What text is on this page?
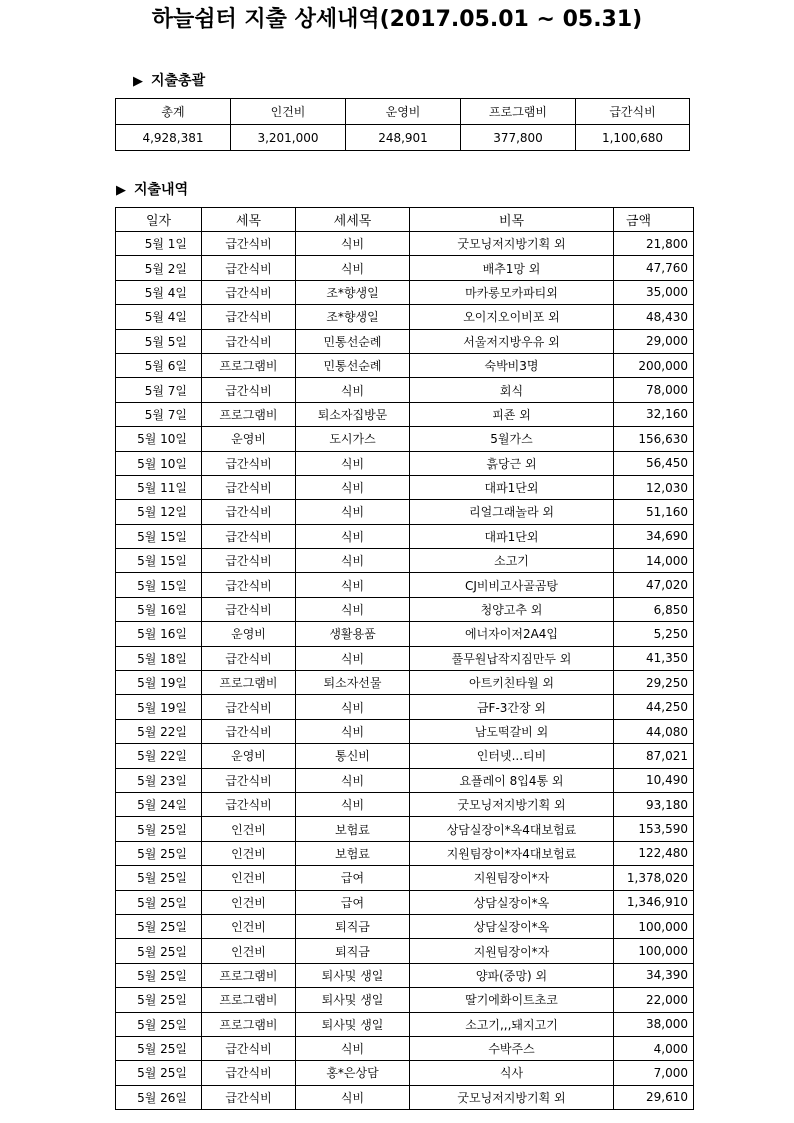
하늘쉼터 지출 상세내역(2017.05.01 ~ 05.31)
▶ 지출총괄
총계	인건비	운영비	프로그램비	급간식비
4,928,381	3,201,000	248,901	377,800	1,100,680
▶ 지출내역
일자	세목	세세목	비목	금액
5월 1일	급간식비	식비	굿모닝저지방기획 외	21,800
5월 2일	급간식비	식비	배추1망 외	47,760
5월 4일	급간식비	조*향생일	마카롱모카파티외	35,000
5월 4일	급간식비	조*향생일	오이지오이비포 외	48,430
5월 5일	급간식비	민통선순례	서울저지방우유 외	29,000
5월 6일	프로그램비	민통선순례	숙박비3명	200,000
5월 7일	급간식비	식비	회식	78,000
5월 7일	프로그램비	퇴소자집방문	피죤 외	32,160
5월 10일	운영비	도시가스	5월가스	156,630
5월 10일	급간식비	식비	흙당근 외	56,450
5월 11일	급간식비	식비	대파1단외	12,030
5월 12일	급간식비	식비	리얼그래놀라 외	51,160
5월 15일	급간식비	식비	대파1단외	34,690
5월 15일	급간식비	식비	소고기	14,000
5월 15일	급간식비	식비	CJ비비고사골곰탕	47,020
5월 16일	급간식비	식비	청양고추 외	6,850
5월 16일	운영비	생활용품	에너자이저2A4입	5,250
5월 18일	급간식비	식비	풀무원납작지짐만두 외	41,350
5월 19일	프로그램비	퇴소자선물	아트키친타월 외	29,250
5월 19일	급간식비	식비	금F-3간장 외	44,250
5월 22일	급간식비	식비	남도떡갈비 외	44,080
5월 22일	운영비	통신비	인터넷...티비	87,021
5월 23일	급간식비	식비	요플레이 8입4통 외	10,490
5월 24일	급간식비	식비	굿모닝저지방기획 외	93,180
5월 25일	인건비	보험료	상담실장이*옥4대보험료	153,590
5월 25일	인건비	보험료	지원팀장이*자4대보험료	122,480
5월 25일	인건비	급여	지원팀장이*자	1,378,020
5월 25일	인건비	급여	상담실장이*옥	1,346,910
5월 25일	인건비	퇴직금	상담실장이*옥	100,000
5월 25일	인건비	퇴직금	지원팀장이*자	100,000
5월 25일	프로그램비	퇴사및 생일	양파(중망) 외	34,390
5월 25일	프로그램비	퇴사및 생일	딸기에화이트초코	22,000
5월 25일	프로그램비	퇴사및 생일	소고기,,,돼지고기	38,000
5월 25일	급간식비	식비	수박주스	4,000
5월 25일	급간식비	홍*은상담	식사	7,000
5월 26일	급간식비	식비	굿모닝저지방기획 외	29,610
